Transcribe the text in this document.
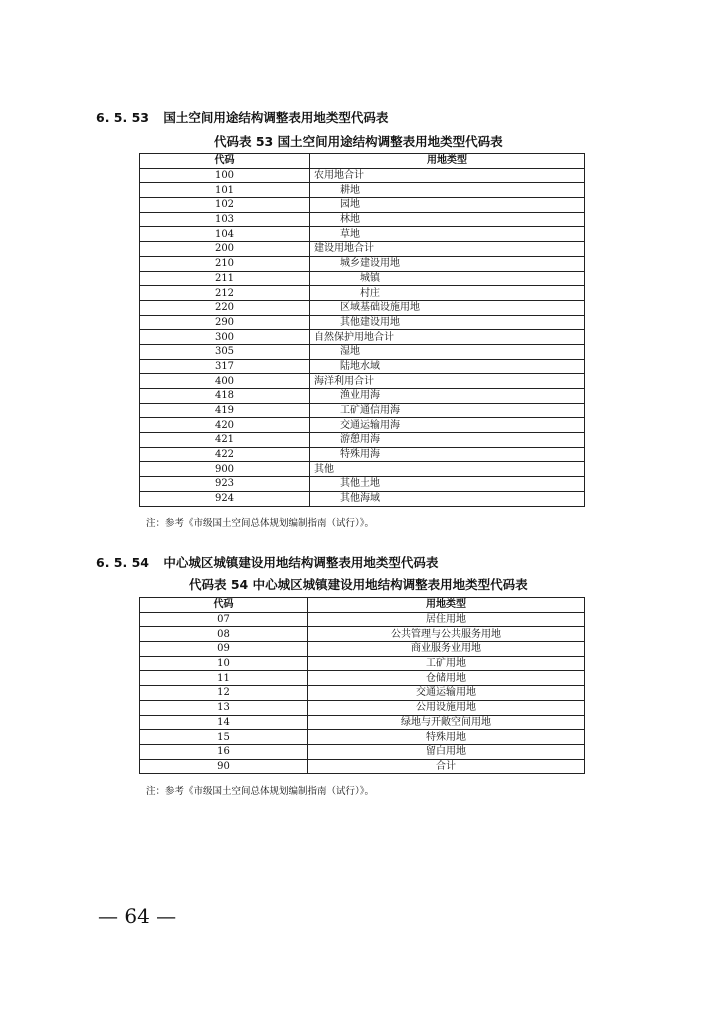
6. 5. 53 国土空间用途结构调整表用地类型代码表
代码表 53 国土空间用途结构调整表用地类型代码表
代码	用地类型
100	农用地合计
101	耕地
102	园地
103	林地
104	草地
200	建设用地合计
210	城乡建设用地
211	城镇
212	村庄
220	区域基础设施用地
290	其他建设用地
300	自然保护用地合计
305	湿地
317	陆地水域
400	海洋利用合计
418	渔业用海
419	工矿通信用海
420	交通运输用海
421	游憩用海
422	特殊用海
900	其他
923	其他土地
924	其他海域
注：参考《市级国土空间总体规划编制指南（试行）》。
6. 5. 54 中心城区城镇建设用地结构调整表用地类型代码表
代码表 54 中心城区城镇建设用地结构调整表用地类型代码表
代码	用地类型
07	居住用地
08	公共管理与公共服务用地
09	商业服务业用地
10	工矿用地
11	仓储用地
12	交通运输用地
13	公用设施用地
14	绿地与开敞空间用地
15	特殊用地
16	留白用地
90	合计
注：参考《市级国土空间总体规划编制指南（试行）》。
— 64 —
